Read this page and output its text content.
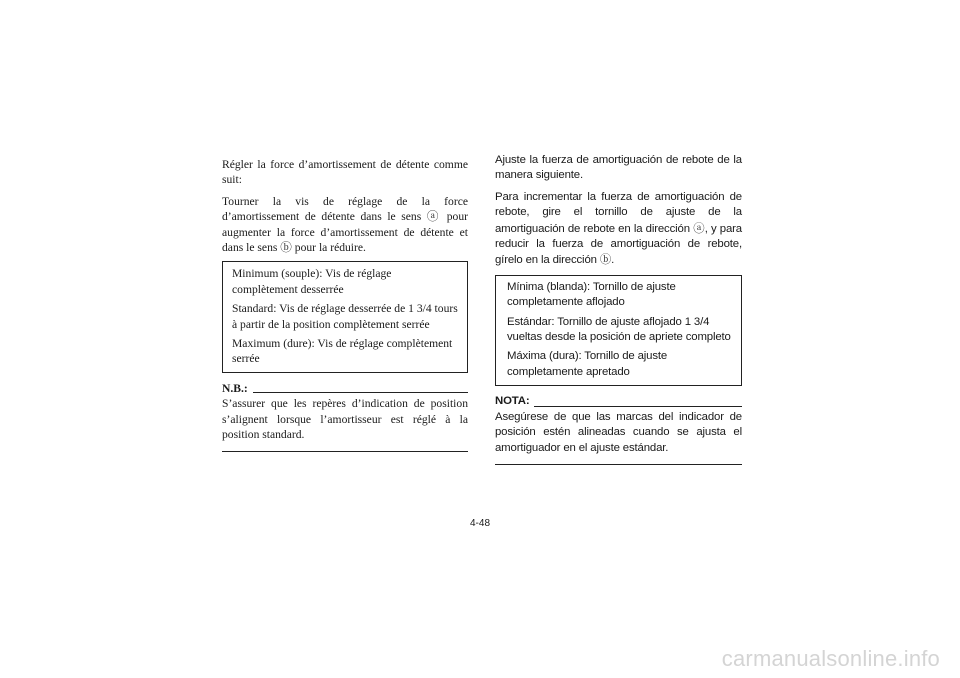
Régler la force d’amortissement de détente comme suit:

Tourner la vis de réglage de la force d’amortissement de détente dans le sens ⓐ pour augmenter la force d’amortissement de détente et dans le sens ⓑ pour la réduire.

Minimum (souple): Vis de réglage complètement desserrée
Standard: Vis de réglage desserrée de 1 3/4 tours à partir de la position complètement serrée
Maximum (dure): Vis de réglage complètement serrée
N.B.:

S’assurer que les repères d’indication de position s’alignent lorsque l’amortisseur est réglé à la position standard.

Ajuste la fuerza de amortiguación de rebote de la manera siguiente.

Para incrementar la fuerza de amortiguación de rebote, gire el tornillo de ajuste de la amortiguación de rebote en la dirección ⓐ, y para reducir la fuerza de amortiguación de rebote, gírelo en la dirección ⓑ.

Mínima (blanda): Tornillo de ajuste completamente aflojado
Estándar: Tornillo de ajuste aflojado 1 3/4 vueltas desde la posición de apriete completo
Máxima (dura): Tornillo de ajuste completamente apretado
NOTA:

Asegúrese de que las marcas del indicador de posición estén alineadas cuando se ajusta el amortiguador en el ajuste estándar.

4-48
carmanualsonline.info
